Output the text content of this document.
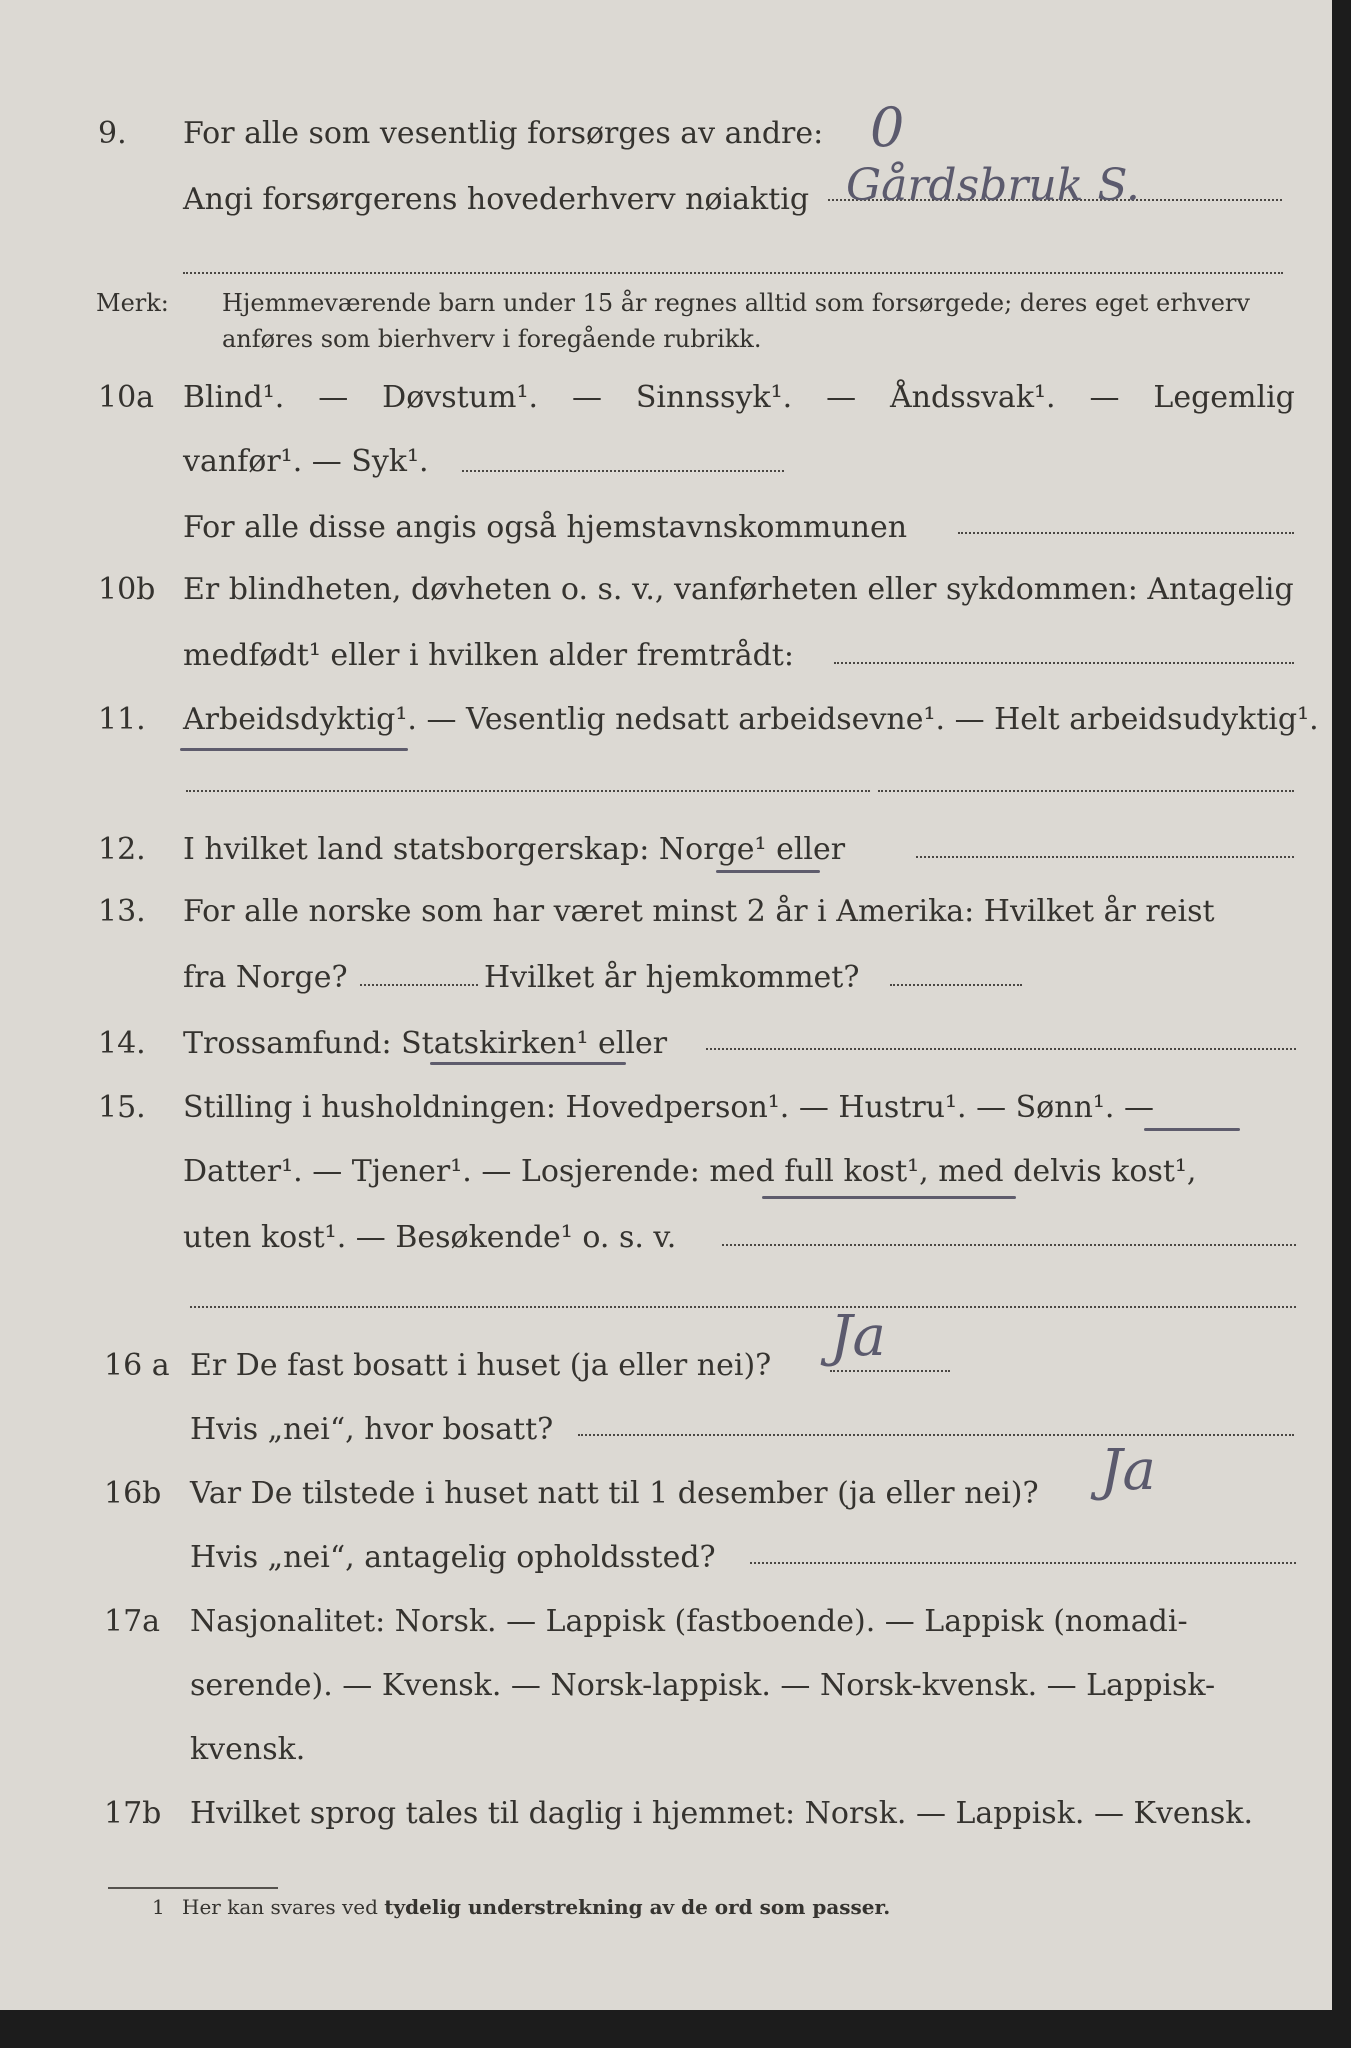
9. For alle som vesentlig forsørges av andre: 0
Angi forsørgerens hovederhverv nøiaktig Gårdsbruk S.
Merk: Hjemmeværende barn under 15 år regnes alltid som forsørgede; deres eget erhverv
anføres som bierhverv i foregående rubrikk.
10a Blind¹. — Døvstum¹. — Sinnssyk¹. — Åndssvak¹. — Legemlig
vanfør¹. — Syk¹.
For alle disse angis også hjemstavnskommunen
10b Er blindheten, døvheten o. s. v., vanførheten eller sykdommen: Antagelig
medfødt¹ eller i hvilken alder fremtrådt:
11. Arbeidsdyktig¹. — Vesentlig nedsatt arbeidsevne¹. — Helt arbeidsudyktig¹.
12. I hvilket land statsborgerskap: Norge¹ eller
13. For alle norske som har været minst 2 år i Amerika: Hvilket år reist
fra Norge?	Hvilket år hjemkommet?
14. Trossamfund: Statskirken¹ eller
15. Stilling i husholdningen: Hovedperson¹. — Hustru¹. — Sønn¹. —
Datter¹. — Tjener¹. — Losjerende: med full kost¹, med delvis kost¹,
uten kost¹. — Besøkende¹ o. s. v.
16 a Er De fast bosatt i huset (ja eller nei)? Ja
Hvis „nei“, hvor bosatt?
16b Var De tilstede i huset natt til 1 desember (ja eller nei)? Ja
Hvis „nei“, antagelig opholdssted?
17a Nasjonalitet: Norsk. — Lappisk (fastboende). — Lappisk (nomadi-
serende). — Kvensk. — Norsk-lappisk. — Norsk-kvensk. — Lappisk-
kvensk.
17b Hvilket sprog tales til daglig i hjemmet: Norsk. — Lappisk. — Kvensk.
1 Her kan svares ved tydelig understrekning av de ord som passer.
